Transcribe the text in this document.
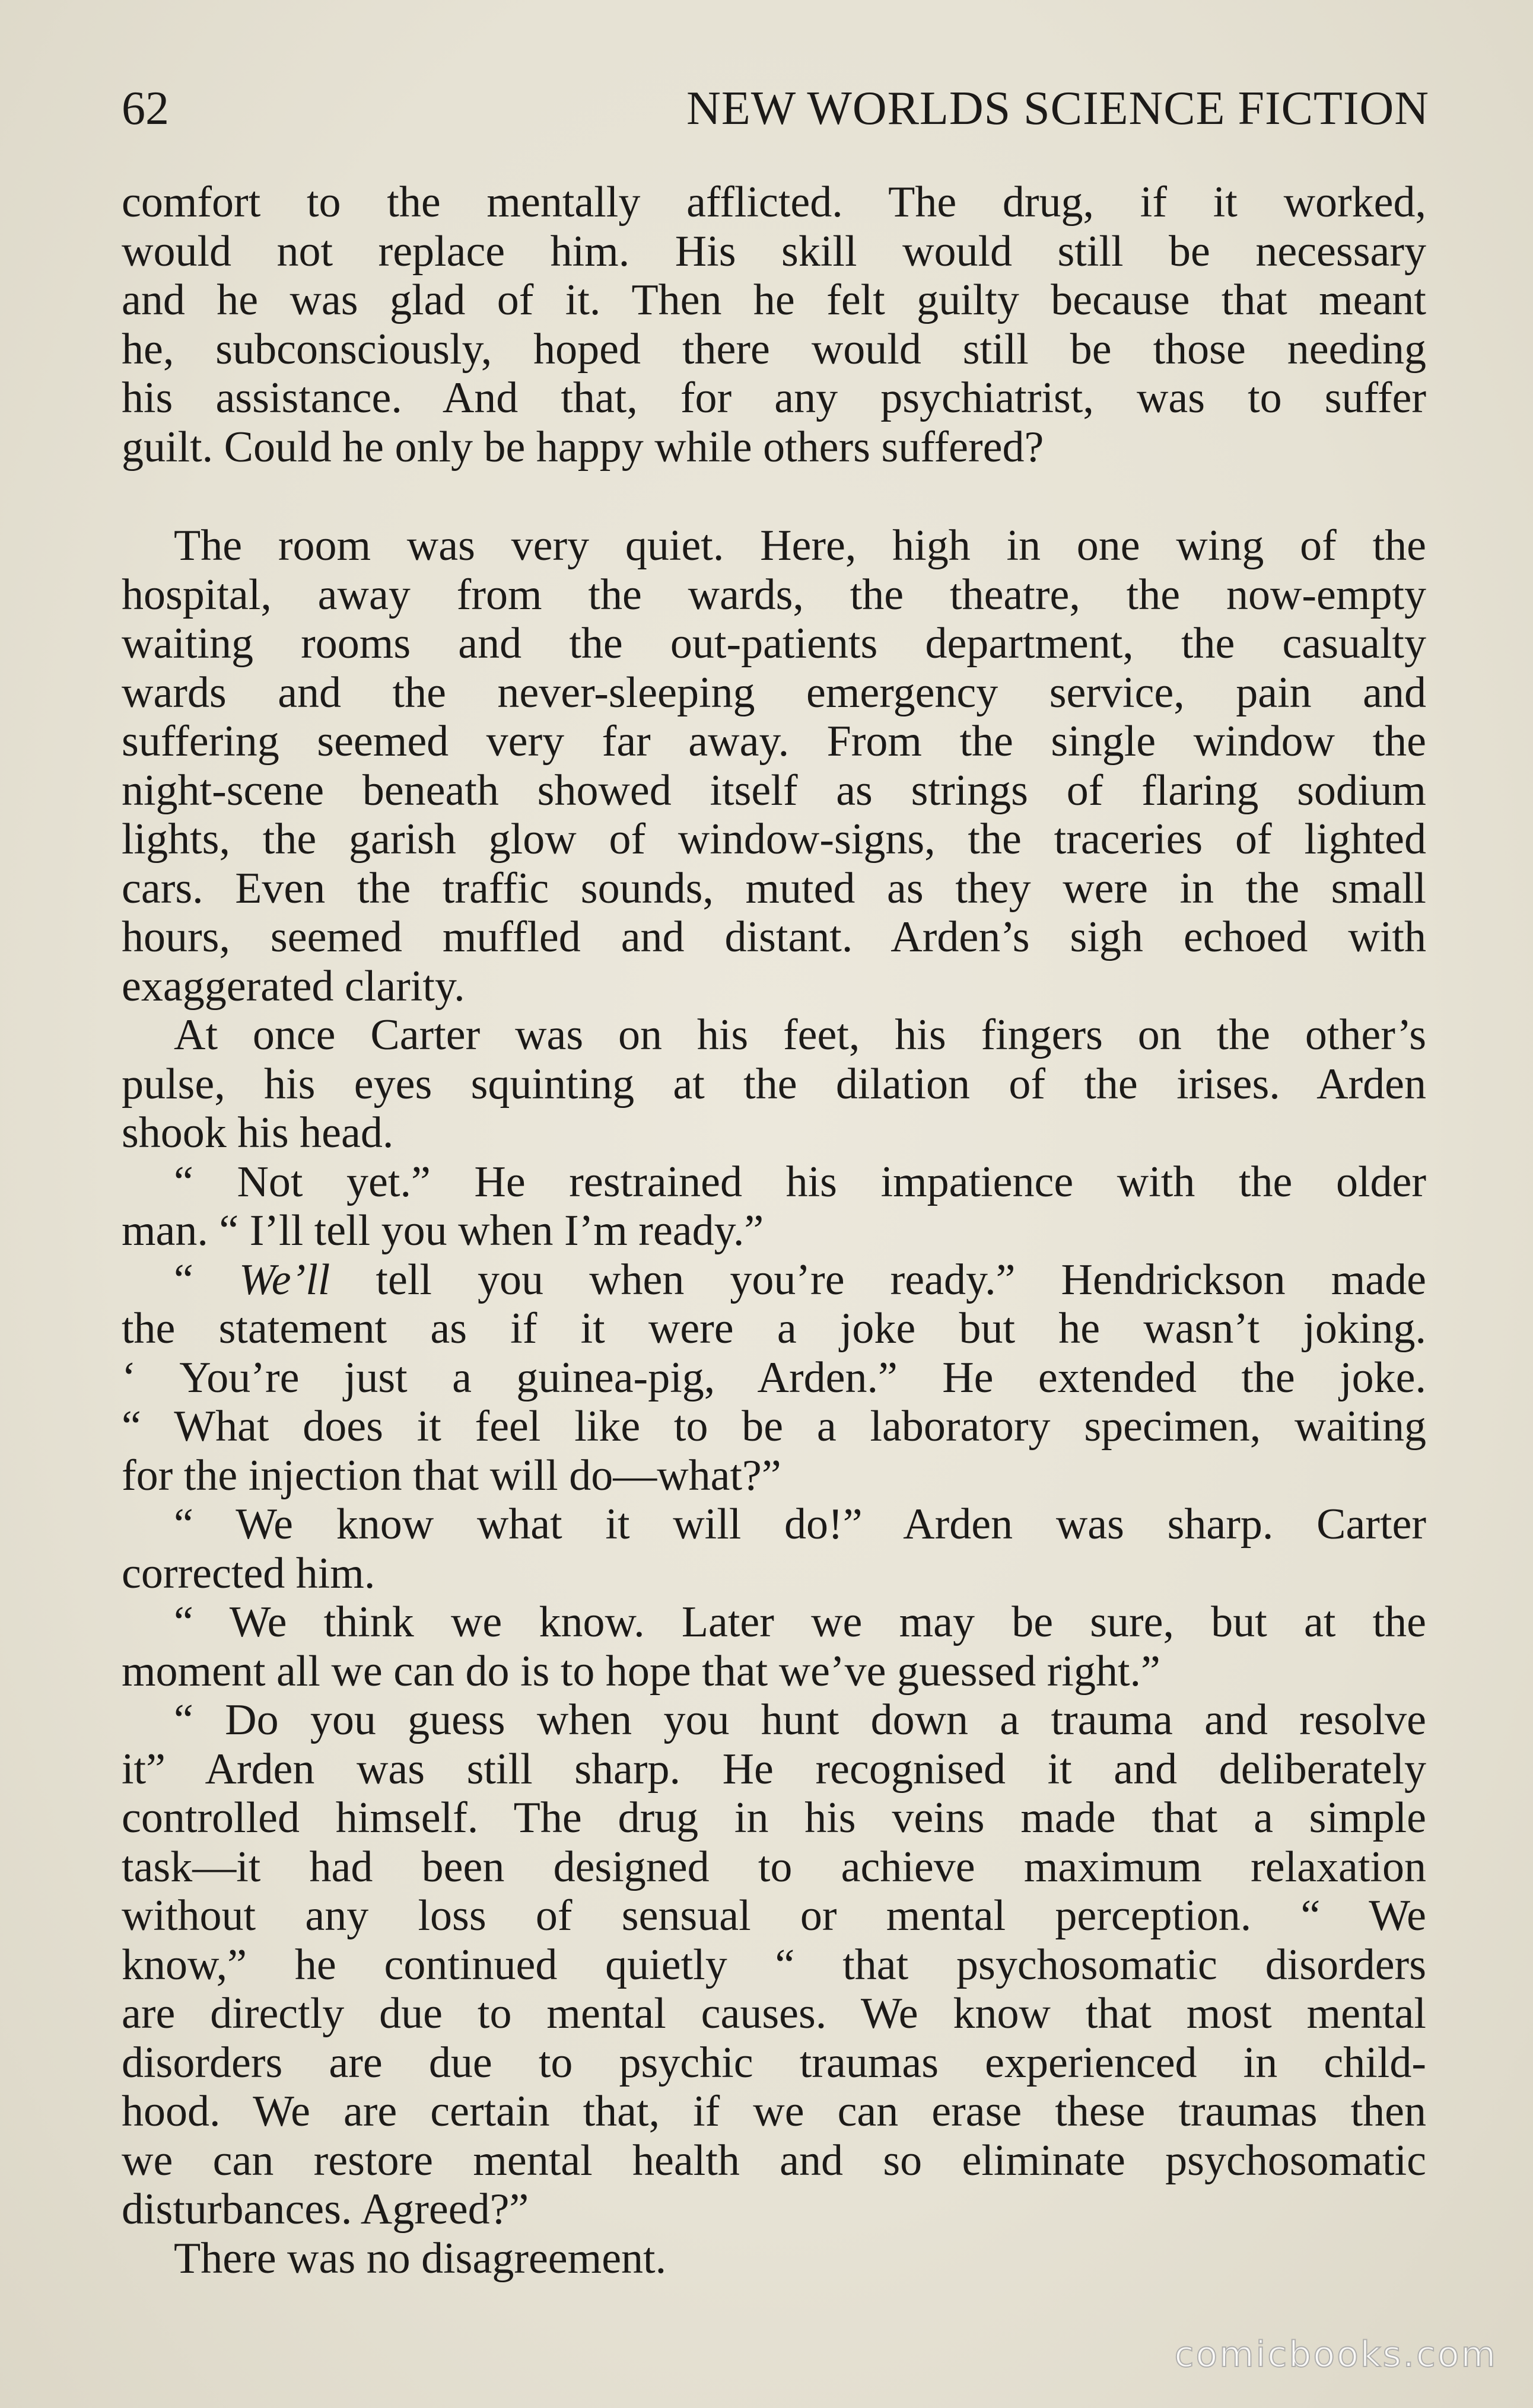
62	NEW WORLDS SCIENCE FICTION
comfort to the mentally afflicted. The drug, if it worked,
would not replace him. His skill would still be necessary
and he was glad of it. Then he felt guilty because that meant
he, subconsciously, hoped there would still be those needing
his assistance. And that, for any psychiatrist, was to suffer
guilt. Could he only be happy while others suffered?
The room was very quiet. Here, high in one wing of the
hospital, away from the wards, the theatre, the now-empty
waiting rooms and the out-patients department, the casualty
wards and the never-sleeping emergency service, pain and
suffering seemed very far away. From the single window the
night-scene beneath showed itself as strings of flaring sodium
lights, the garish glow of window-signs, the traceries of lighted
cars. Even the traffic sounds, muted as they were in the small
hours, seemed muffled and distant. Arden’s sigh echoed with
exaggerated clarity.
At once Carter was on his feet, his fingers on the other’s
pulse, his eyes squinting at the dilation of the irises. Arden
shook his head.
“ Not yet.” He restrained his impatience with the older
man. “ I’ll tell you when I’m ready.”
“ We’ll tell you when you’re ready.” Hendrickson made
the statement as if it were a joke but he wasn’t joking.
‘ You’re just a guinea-pig, Arden.” He extended the joke.
“ What does it feel like to be a laboratory specimen, waiting
for the injection that will do—what?”
“ We know what it will do!” Arden was sharp. Carter
corrected him.
“ We think we know. Later we may be sure, but at the
moment all we can do is to hope that we’ve guessed right.”
“ Do you guess when you hunt down a trauma and resolve
it” Arden was still sharp. He recognised it and deliberately
controlled himself. The drug in his veins made that a simple
task—it had been designed to achieve maximum relaxation
without any loss of sensual or mental perception. “ We
know,” he continued quietly “ that psychosomatic disorders
are directly due to mental causes. We know that most mental
disorders are due to psychic traumas experienced in child-
hood. We are certain that, if we can erase these traumas then
we can restore mental health and so eliminate psychosomatic
disturbances. Agreed?”
There was no disagreement.
comicbooks.com
